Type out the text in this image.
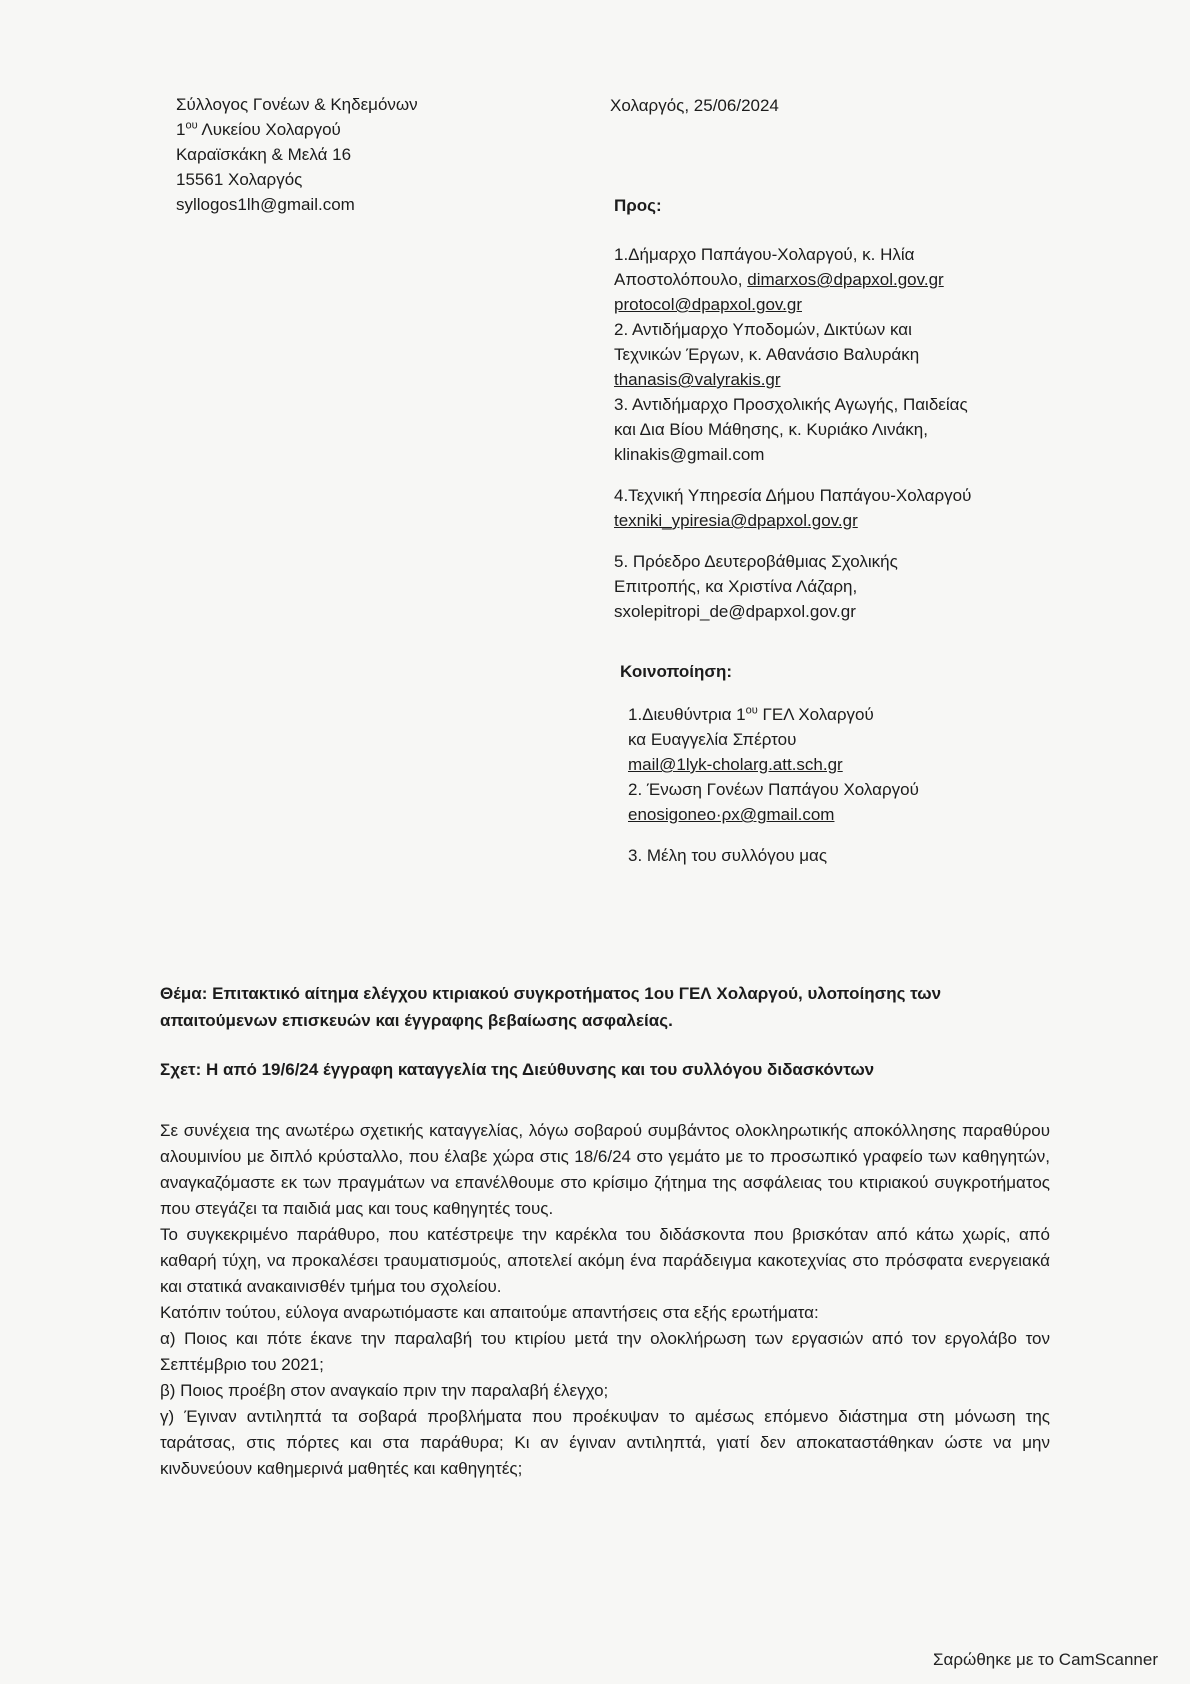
Σύλλογος Γονέων & Κηδεμόνων
$1^{o\upsilon}$ Λυκείου Χολαργού
Καραϊσκάκη & Μελά 16
15561 Χολαργός
syllogos1lh@gmail.com
Χολαργός, 25/06/2024
Προς:
1.Δήμαρχο Παπάγου-Χολαργού, κ. Ηλία
Αποστολόπουλο, dimarxos@dpapxol.gov.gr
protocol@dpapxol.gov.gr
2. Αντιδήμαρχο Υποδομών, Δικτύων και
Τεχνικών Έργων, κ. Αθανάσιο Βαλυράκη
thanasis@valyrakis.gr
3. Αντιδήμαρχο Προσχολικής Αγωγής, Παιδείας
και Δια Βίου Μάθησης, κ. Κυριάκο Λινάκη,
klinakis@gmail.com
4.Τεχνική Υπηρεσία Δήμου Παπάγου-Χολαργού
texniki_ypiresia@dpapxol.gov.gr
5. Πρόεδρο Δευτεροβάθμιας Σχολικής
Επιτροπής, κα Χριστίνα Λάζαρη,
sxolepitropi_de@dpapxol.gov.gr
Κοινοποίηση:
1.Διευθύντρια $1^{o\upsilon}$ ΓΕΛ Χολαργού
κα Ευαγγελία Σπέρτου
mail@1lyk-cholarg.att.sch.gr
2. Ένωση Γονέων Παπάγου Χολαργού
enosigoneo·ρx@gmail.com
3. Μέλη του συλλόγου μας
Θέμα: Επιτακτικό αίτημα ελέγχου κτιριακού συγκροτήματος 1ου ΓΕΛ Χολαργού, υλοποίησης των απαιτούμενων επισκευών και έγγραφης βεβαίωσης ασφαλείας.
Σχετ: Η από 19/6/24 έγγραφη καταγγελία της Διεύθυνσης και του συλλόγου διδασκόντων

Σε συνέχεια της ανωτέρω σχετικής καταγγελίας, λόγω σοβαρού συμβάντος ολοκληρωτικής αποκόλλησης παραθύρου αλουμινίου με διπλό κρύσταλλο, που έλαβε χώρα στις 18/6/24 στο γεμάτο με το προσωπικό γραφείο των καθηγητών, αναγκαζόμαστε εκ των πραγμάτων να επανέλθουμε στο κρίσιμο ζήτημα της ασφάλειας του κτιριακού συγκροτήματος που στεγάζει τα παιδιά μας και τους καθηγητές τους.

Το συγκεκριμένο παράθυρο, που κατέστρεψε την καρέκλα του διδάσκοντα που βρισκόταν από κάτω χωρίς, από καθαρή τύχη, να προκαλέσει τραυματισμούς, αποτελεί ακόμη ένα παράδειγμα κακοτεχνίας στο πρόσφατα ενεργειακά και στατικά ανακαινισθέν τμήμα του σχολείου.

Κατόπιν τούτου, εύλογα αναρωτιόμαστε και απαιτούμε απαντήσεις στα εξής ερωτήματα:

α) Ποιος και πότε έκανε την παραλαβή του κτιρίου μετά την ολοκλήρωση των εργασιών από τον εργολάβο τον Σεπτέμβριο του 2021;

β) Ποιος προέβη στον αναγκαίο πριν την παραλαβή έλεγχο;

γ) Έγιναν αντιληπτά τα σοβαρά προβλήματα που προέκυψαν το αμέσως επόμενο διάστημα στη μόνωση της ταράτσας, στις πόρτες και στα παράθυρα; Κι αν έγιναν αντιληπτά, γιατί δεν αποκαταστάθηκαν ώστε να μην κινδυνεύουν καθημερινά μαθητές και καθηγητές;

Σαρώθηκε με το CamScanner
